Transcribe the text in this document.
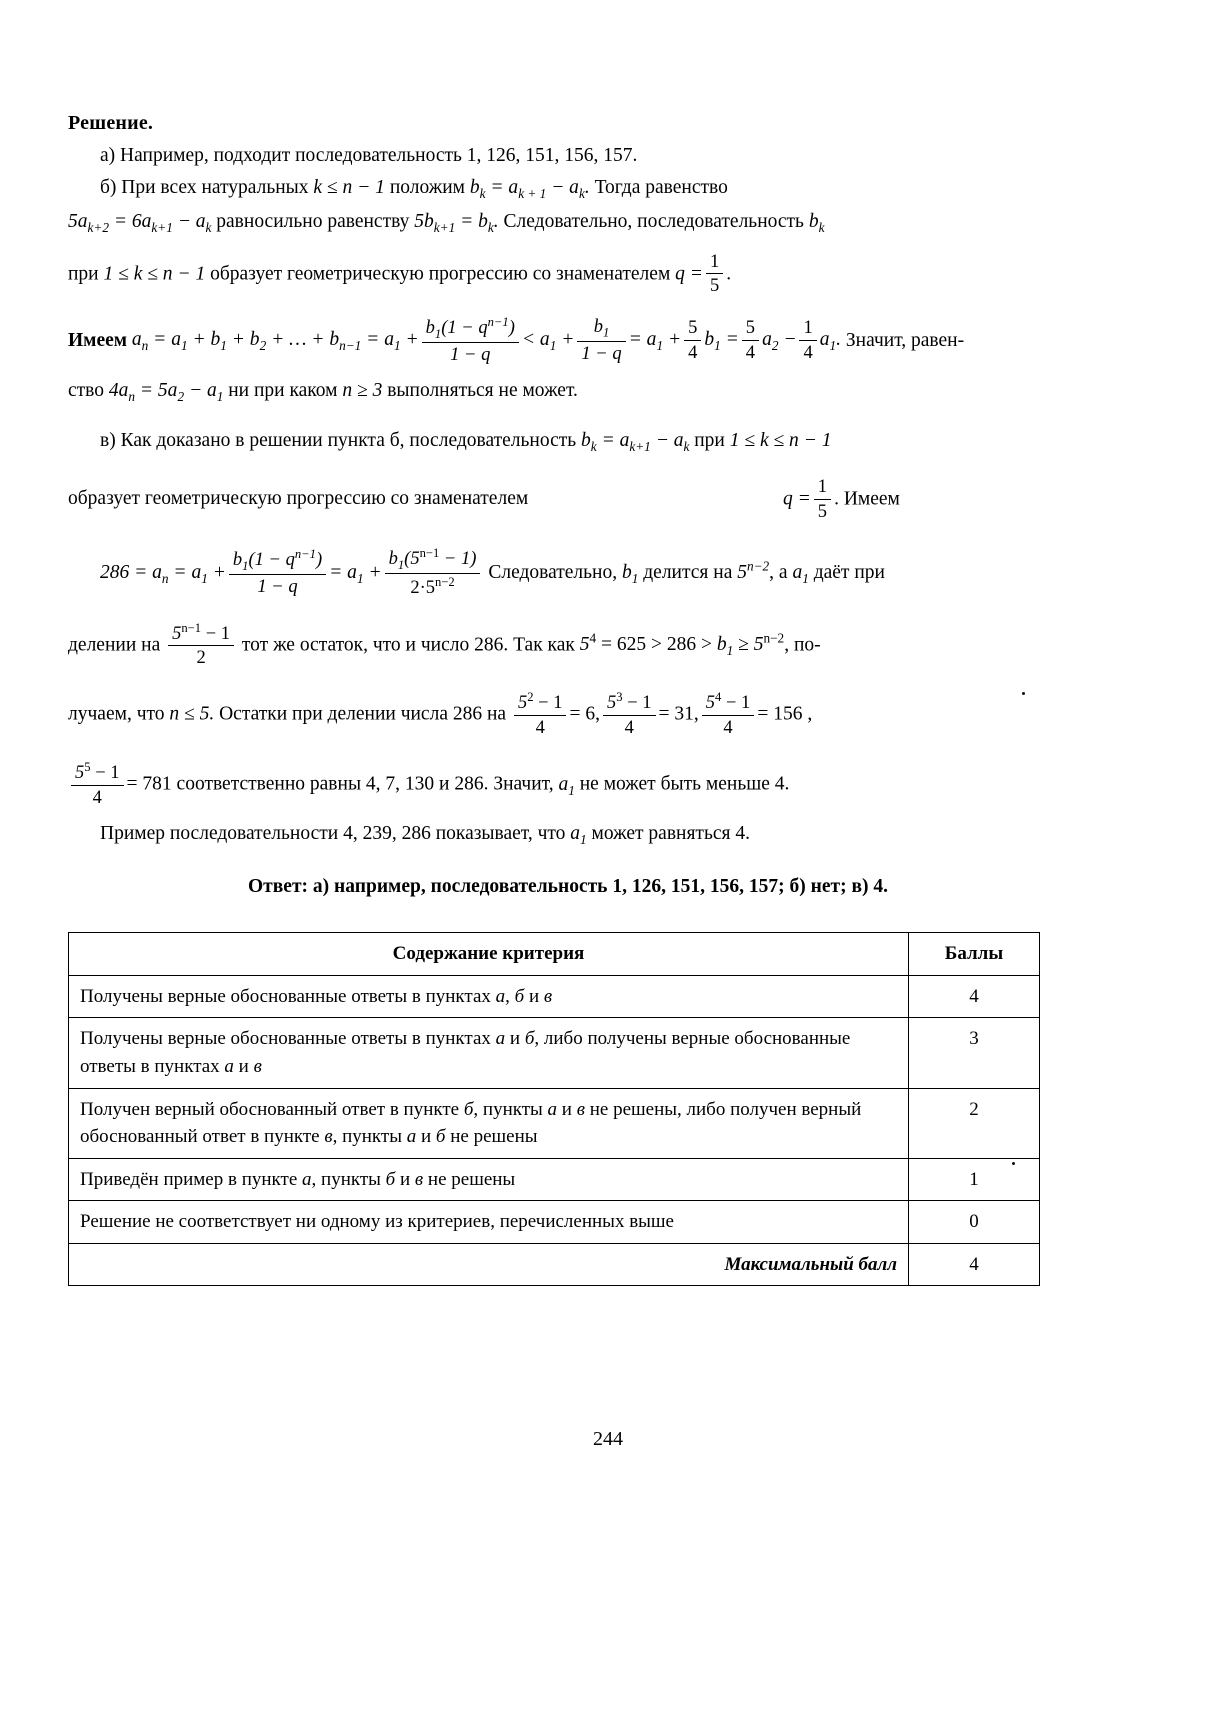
Решение.
а) Например, подходит последовательность 1, 126, 151, 156, 157.
б) При всех натуральных k ≤ n − 1 положим $b_k = a_{k + 1} - a_k$. Тогда равенство
$5a_{k+2} = 6a_{k+1} - a_k$ равносильно равенству $5b_{k+1} = b_k$. Следовательно, последовательность $b_k$
при 1 ≤ k ≤ n − 1 образует геометрическую прогрессию со знаменателем $q = \frac{1}{5}$ .
Имеем $a_n = a_1 + b_1 + b_2$ + … + $b_{n-1} = a_1 + \frac{b_1(1 - q^{n-1})}{1 - q} < a_1 + \frac{b_1}{1 - q} = a_1 + \frac{5}{4} b_1 = \frac{5}{4} a_2 - \frac{1}{4} a_1$. Значит, равен-
ство $4a_n = 5a_2 - a_1$ ни при каком n ≥ 3 выполняться не может.
в) Как доказано в решении пункта б, последовательность $b_k = a_{k+1} - a_k$ при 1 ≤ k ≤ n − 1
образует геометрическую прогрессию со знаменателем	$q = \frac{1}{5}$ . Имеем
$286 = a_n = a_1 + \frac{b_1(1 - q^{n-1})}{1 - q} = a_1 + \frac{b_1(5^{n-1} - 1)}{2\cdot 5^{n-2}}$ Следовательно, $b_1$ делится на $5^{n-2}$, а $a_1$ даёт при
делении на $\frac{5^{n-1} - 1}{2}$ тот же остаток, что и число 286. Так как $5^4 = 625 > 286 > b_1 \ge 5^{n-2}$, по-
лучаем, что n ≤ 5. Остатки при делении числа 286 на $\frac{5^2 - 1}{4} = 6$, $\frac{5^3 - 1}{4} = 31$, $\frac{5^4 - 1}{4} = 156$ ,
$\frac{5^5 - 1}{4} = 781$ соответственно равны 4, 7, 130 и 286. Значит, $a_1$ не может быть меньше 4.
Пример последовательности 4, 239, 286 показывает, что $a_1$ может равняться 4.
Ответ: а) например, последовательность 1, 126, 151, 156, 157; б) нет; в) 4.
Содержание критерия	Баллы
Получены верные обоснованные ответы в пунктах а, б и в	4
Получены верные обоснованные ответы в пунктах а и б, либо получены верные обоснованные ответы в пунктах а и в	3
Получен верный обоснованный ответ в пункте б, пункты а и в не решены, либо получен верный обоснованный ответ в пункте в, пункты а и б не решены	2
Приведён пример в пункте а, пункты б и в не решены	1
Решение не соответствует ни одному из критериев, перечисленных выше	0
Максимальный балл	4
244
